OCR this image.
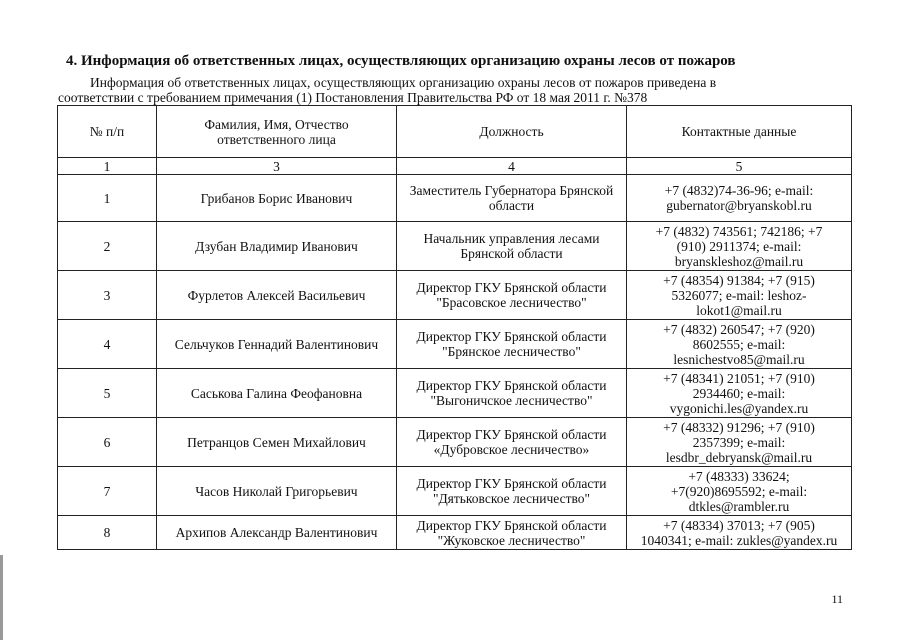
4. Информация об ответственных лицах, осуществляющих организацию охраны лесов от пожаров
Информация об ответственных лицах, осуществляющих организацию охраны лесов от пожаров приведена в
соответствии с требованием примечания (1) Постановления Правительства РФ от 18 мая 2011 г. №378
№ п/п	Фамилия, Имя, Отчество ответственного лица	Должность	Контактные данные
1	3	4	5
1	Грибанов Борис Иванович	Заместитель Губернатора Брянской области	+7 (4832)74-36-96; e-mail:
gubernator@bryanskobl.ru
2	Дзубан Владимир Иванович	Начальник управления лесами Брянской области	+7 (4832) 743561; 742186; +7
(910) 2911374; e-mail:
bryanskleshoz@mail.ru
3	Фурлетов Алексей Васильевич	Директор ГКУ Брянской области "Брасовское лесничество"	+7 (48354) 91384; +7 (915)
5326077; e-mail: leshoz-
lokot1@mail.ru
4	Сельчуков Геннадий Валентинович	Директор ГКУ Брянской области "Брянское лесничество"	+7 (4832) 260547; +7 (920)
8602555; e-mail:
lesnichestvo85@mail.ru
5	Саськова Галина Феофановна	Директор ГКУ Брянской области "Выгоничское лесничество"	+7 (48341) 21051; +7 (910)
2934460; e-mail:
vygonichi.les@yandex.ru
6	Петранцов Семен Михайлович	Директор ГКУ Брянской области «Дубровское лесничество»	+7 (48332) 91296; +7 (910)
2357399; e-mail:
lesdbr_debryansk@mail.ru
7	Часов Николай Григорьевич	Директор ГКУ Брянской области "Дятьковское лесничество"	+7 (48333) 33624;
+7(920)8695592; e-mail:
dtkles@rambler.ru
8	Архипов Александр Валентинович	Директор ГКУ Брянской области "Жуковское лесничество"	+7 (48334) 37013; +7 (905)
1040341; e-mail: zukles@yandex.ru
11
